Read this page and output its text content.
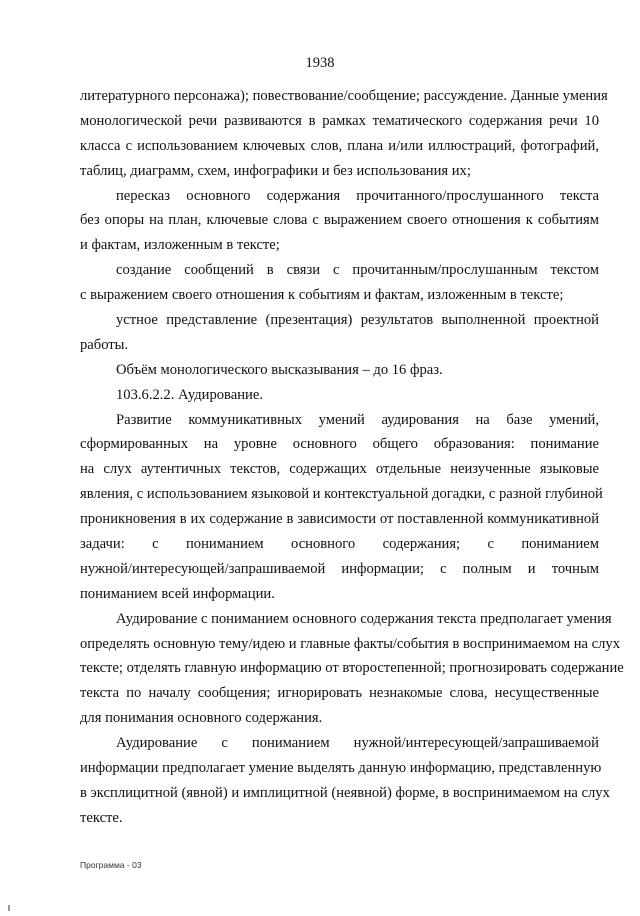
1938
литературного персонажа); повествование/сообщение; рассуждение. Данные умения
монологической речи развиваются в рамках тематического содержания речи 10
класса с использованием ключевых слов, плана и/или иллюстраций, фотографий,
таблиц, диаграмм, схем, инфографики и без использования их;
пересказ основного содержания прочитанного/прослушанного текста
без опоры на план, ключевые слова с выражением своего отношения к событиям
и фактам, изложенным в тексте;
создание сообщений в связи с прочитанным/прослушанным текстом
с выражением своего отношения к событиям и фактам, изложенным в тексте;
устное представление (презентация) результатов выполненной проектной
работы.
Объём монологического высказывания – до 16 фраз.
103.6.2.2. Аудирование.
Развитие коммуникативных умений аудирования на базе умений,
сформированных на уровне основного общего образования: понимание
на слух аутентичных текстов, содержащих отдельные неизученные языковые
явления, с использованием языковой и контекстуальной догадки, с разной глубиной
проникновения в их содержание в зависимости от поставленной коммуникативной
задачи: с пониманием основного содержания; с пониманием
нужной/интересующей/запрашиваемой информации; с полным и точным
пониманием всей информации.
Аудирование с пониманием основного содержания текста предполагает умения
определять основную тему/идею и главные факты/события в воспринимаемом на слух
тексте; отделять главную информацию от второстепенной; прогнозировать содержание
текста по началу сообщения; игнорировать незнакомые слова, несущественные
для понимания основного содержания.
Аудирование с пониманием нужной/интересующей/запрашиваемой
информации предполагает умение выделять данную информацию, представленную
в эксплицитной (явной) и имплицитной (неявной) форме, в воспринимаемом на слух
тексте.
Программа - 03
